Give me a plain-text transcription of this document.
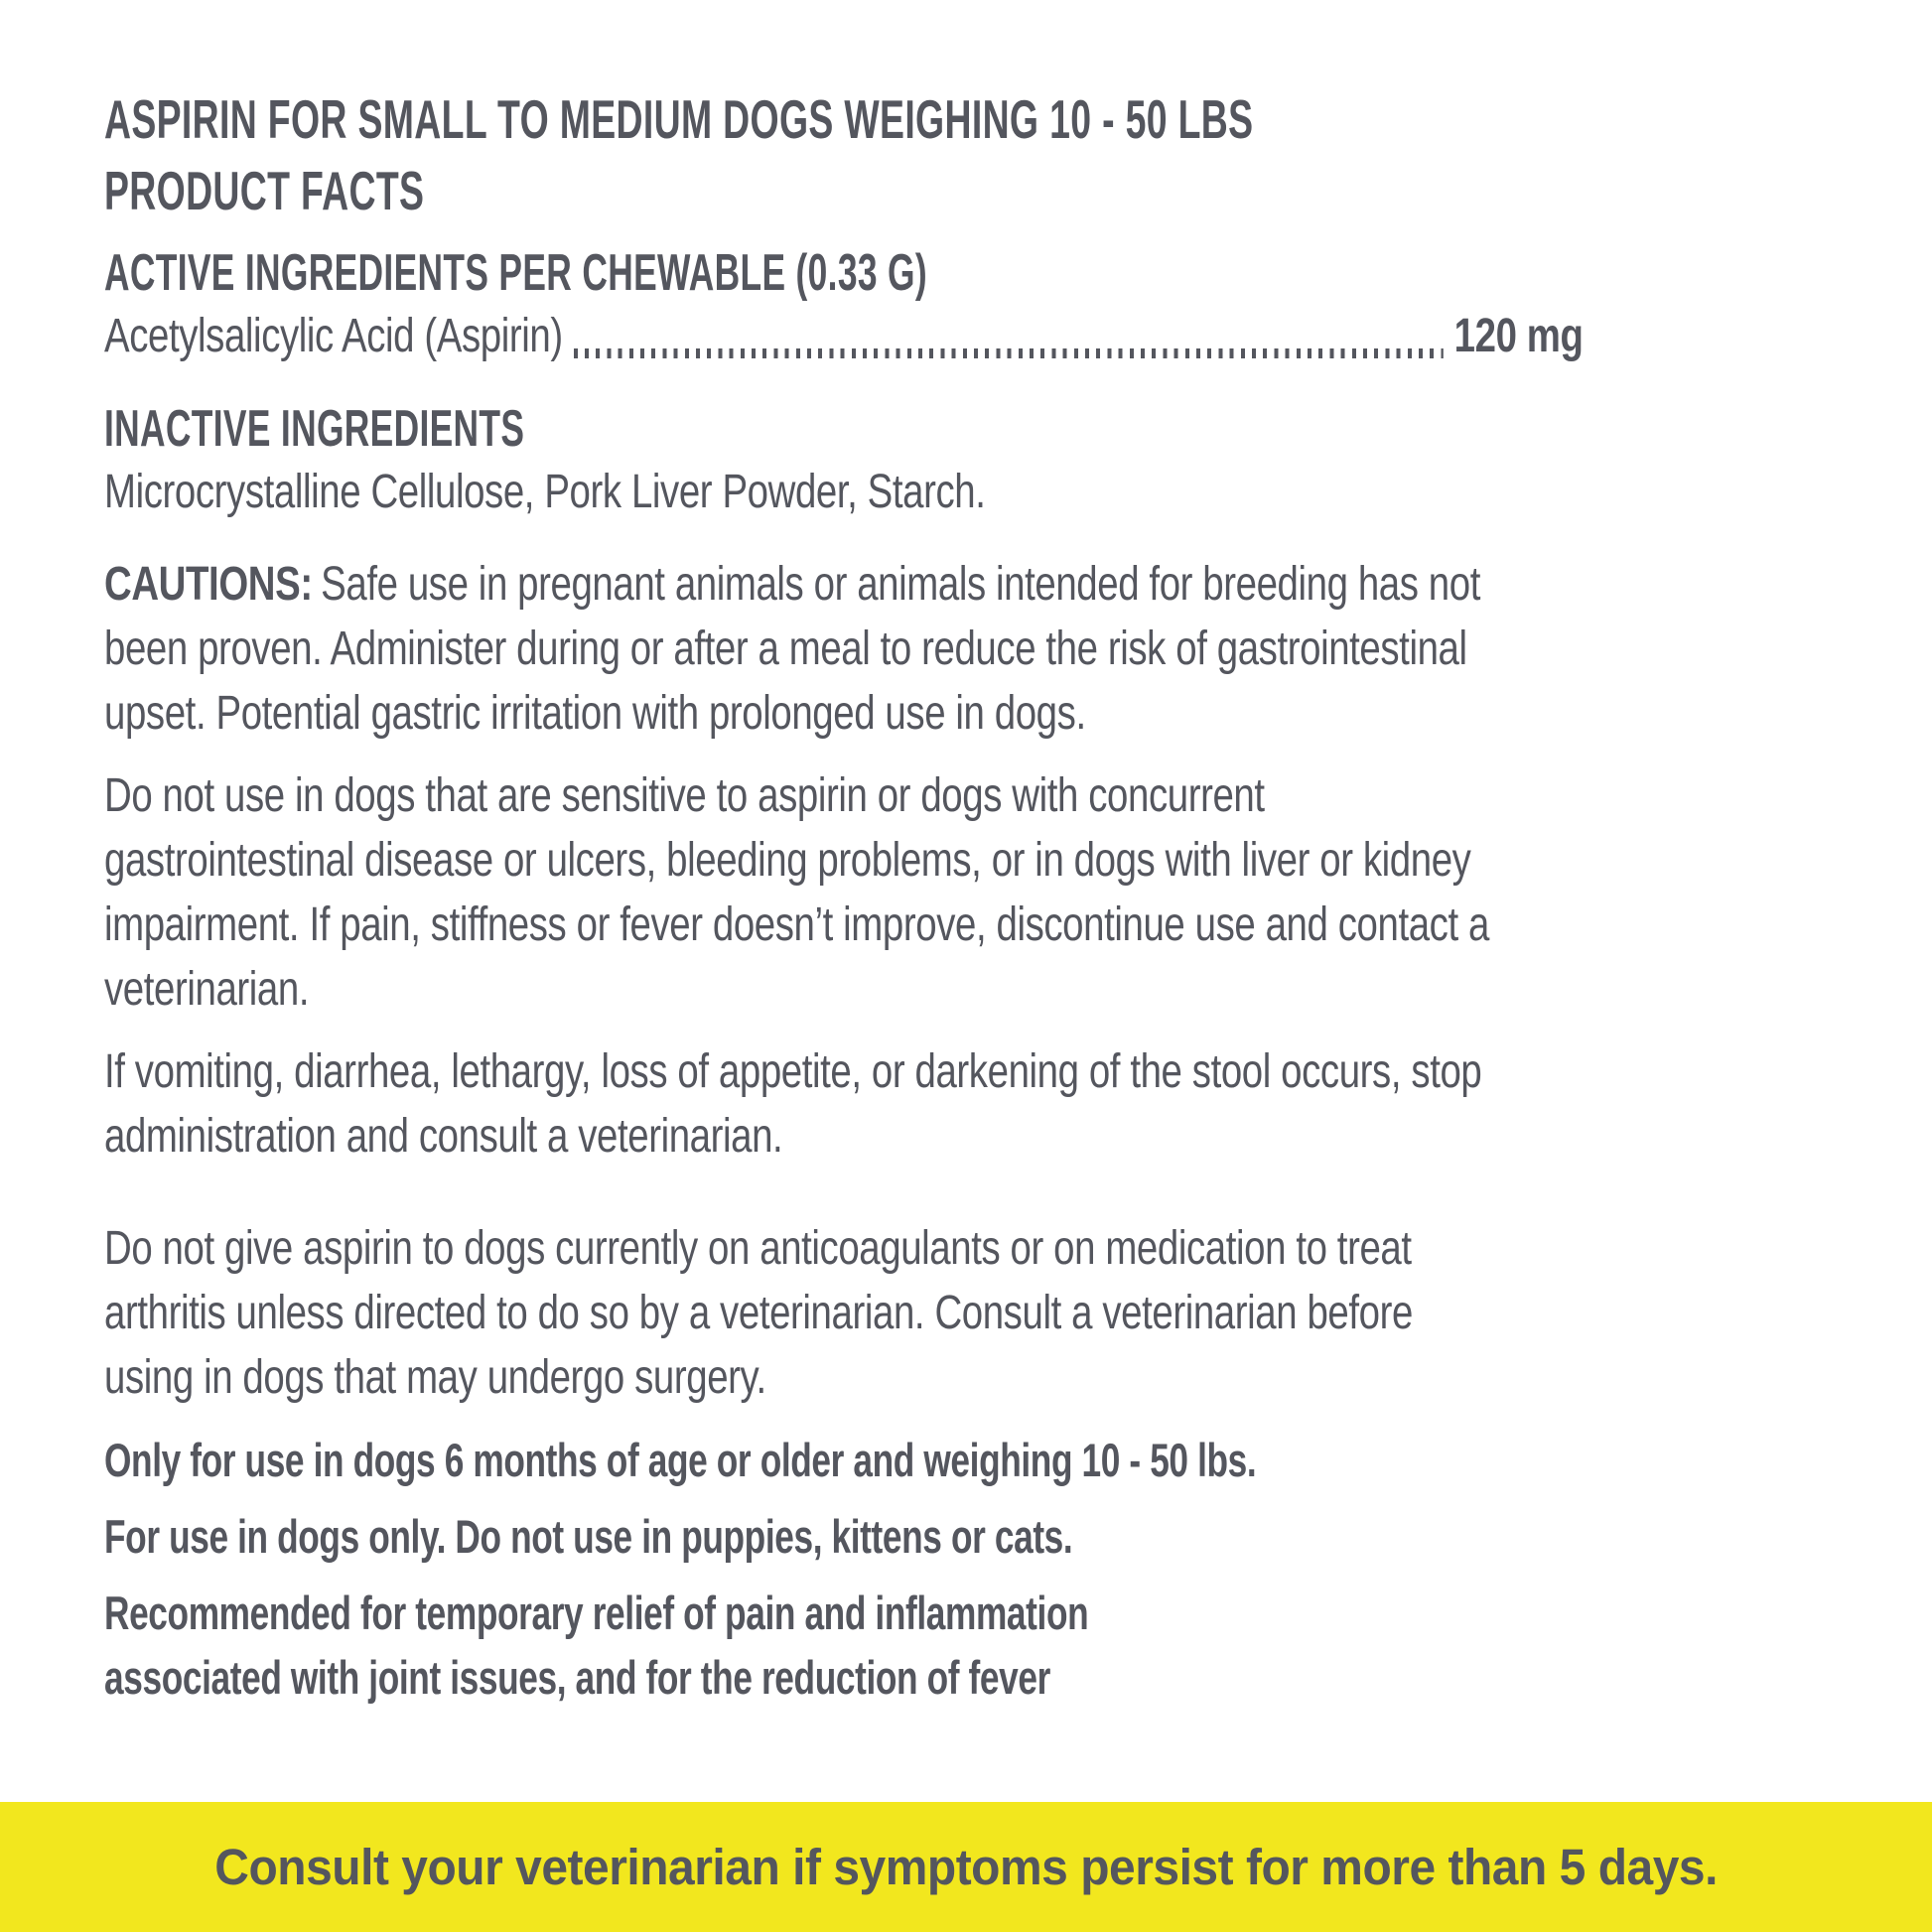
ASPIRIN FOR SMALL TO MEDIUM DOGS WEIGHING 10 - 50 LBS
PRODUCT FACTS
ACTIVE INGREDIENTS PER CHEWABLE (0.33 G)
Acetylsalicylic Acid (Aspirin)	120 mg
INACTIVE INGREDIENTS

Microcrystalline Cellulose, Pork Liver Powder, Starch.

CAUTIONS: Safe use in pregnant animals or animals intended for breeding has not been proven. Administer during or after a meal to reduce the risk of gastrointestinal upset. Potential gastric irritation with prolonged use in dogs.

Do not use in dogs that are sensitive to aspirin or dogs with concurrent gastrointestinal disease or ulcers, bleeding problems, or in dogs with liver or kidney impairment. If pain, stiffness or fever doesn’t improve, discontinue use and contact a veterinarian.

If vomiting, diarrhea, lethargy, loss of appetite, or darkening of the stool occurs, stop administration and consult a veterinarian.

Do not give aspirin to dogs currently on anticoagulants or on medication to treat arthritis unless directed to do so by a veterinarian. Consult a veterinarian before using in dogs that may undergo surgery.

Only for use in dogs 6 months of age or older and weighing 10 - 50 lbs.

For use in dogs only. Do not use in puppies, kittens or cats.

Recommended for temporary relief of pain and inflammation associated with joint issues, and for the reduction of fever

Consult your veterinarian if symptoms persist for more than 5 days.
